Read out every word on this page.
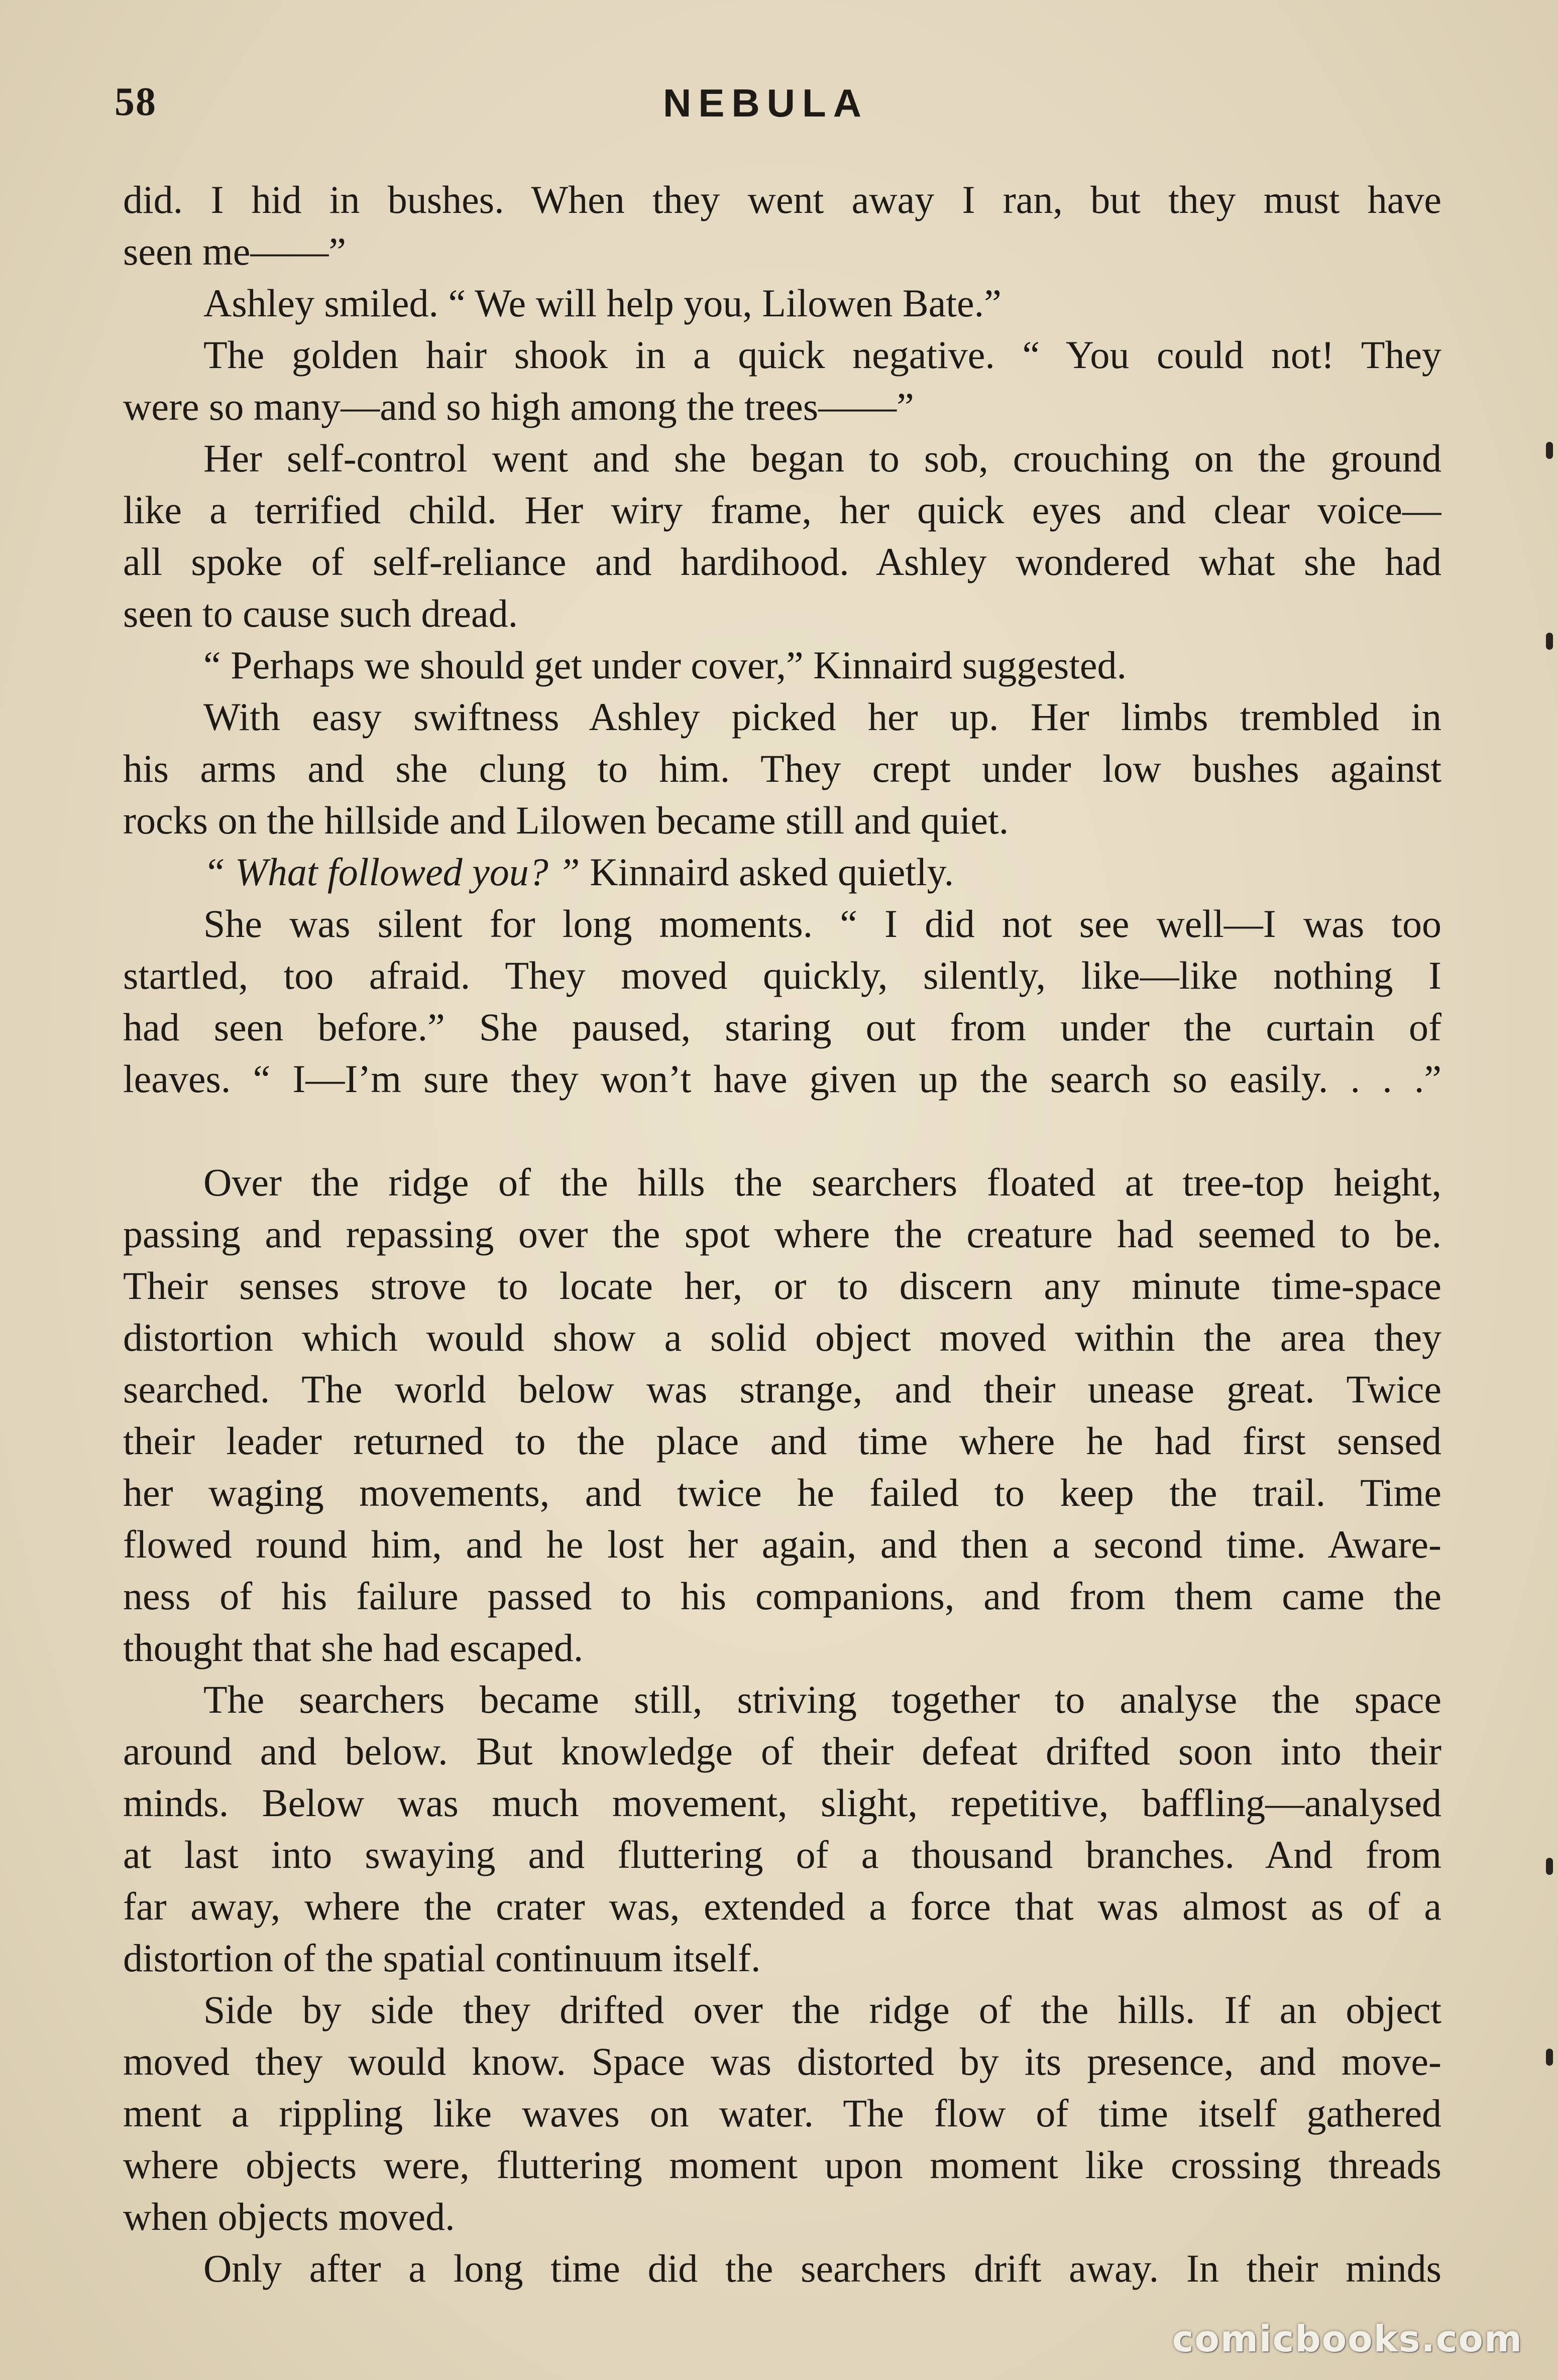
58	NEBULA
did. I hid in bushes. When they went away I ran, but they must have
seen me——”
Ashley smiled. “ We will help you, Lilowen Bate.”
The golden hair shook in a quick negative. “ You could not! They
were so many—and so high among the trees——”
Her self-control went and she began to sob, crouching on the ground
like a terrified child. Her wiry frame, her quick eyes and clear voice—
all spoke of self-reliance and hardihood. Ashley wondered what she had
seen to cause such dread.
“ Perhaps we should get under cover,” Kinnaird suggested.
With easy swiftness Ashley picked her up. Her limbs trembled in
his arms and she clung to him. They crept under low bushes against
rocks on the hillside and Lilowen became still and quiet.
“ What followed you? ” Kinnaird asked quietly.
She was silent for long moments. “ I did not see well—I was too
startled, too afraid. They moved quickly, silently, like—like nothing I
had seen before.” She paused, staring out from under the curtain of
leaves. “ I—I’m sure they won’t have given up the search so easily. . . .”
Over the ridge of the hills the searchers floated at tree-top height,
passing and repassing over the spot where the creature had seemed to be.
Their senses strove to locate her, or to discern any minute time-space
distortion which would show a solid object moved within the area they
searched. The world below was strange, and their unease great. Twice
their leader returned to the place and time where he had first sensed
her waging movements, and twice he failed to keep the trail. Time
flowed round him, and he lost her again, and then a second time. Aware-
ness of his failure passed to his companions, and from them came the
thought that she had escaped.
The searchers became still, striving together to analyse the space
around and below. But knowledge of their defeat drifted soon into their
minds. Below was much movement, slight, repetitive, baffling—analysed
at last into swaying and fluttering of a thousand branches. And from
far away, where the crater was, extended a force that was almost as of a
distortion of the spatial continuum itself.
Side by side they drifted over the ridge of the hills. If an object
moved they would know. Space was distorted by its presence, and move-
ment a rippling like waves on water. The flow of time itself gathered
where objects were, fluttering moment upon moment like crossing threads
when objects moved.
Only after a long time did the searchers drift away. In their minds
comicbooks.com
